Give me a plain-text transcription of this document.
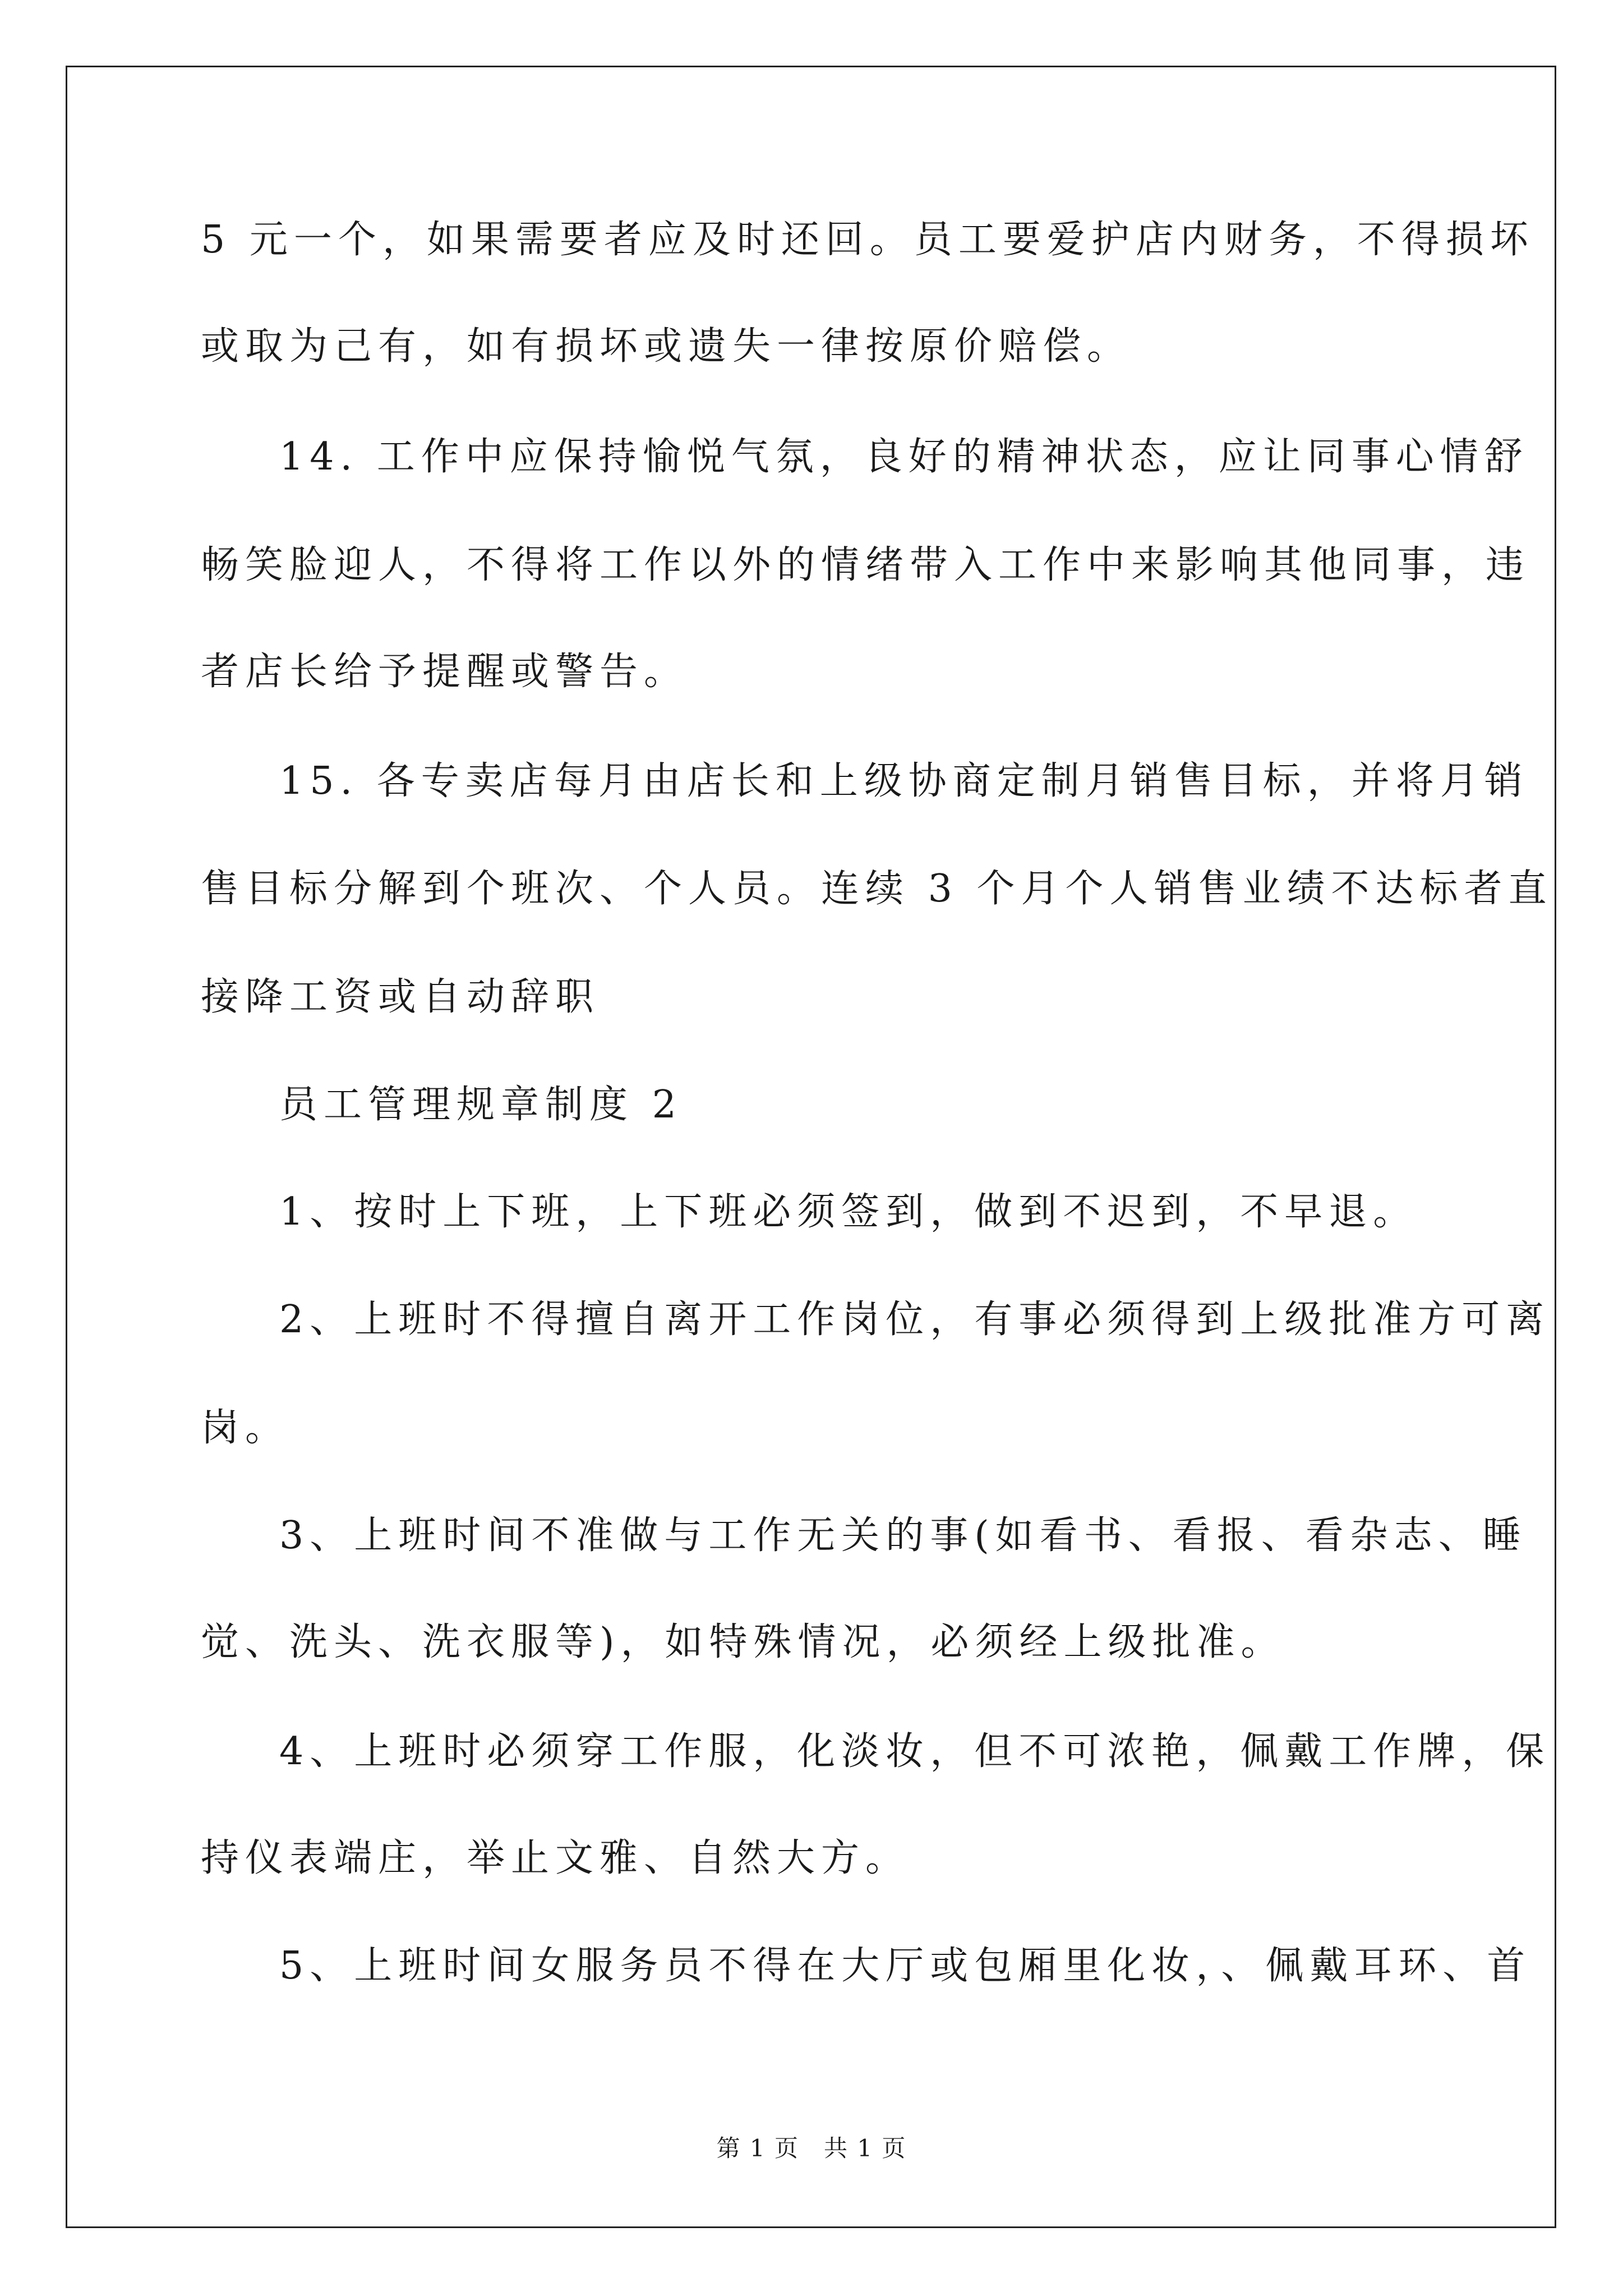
5 元一个，如果需要者应及时还回。员工要爱护店内财务，不得损坏
或取为己有，如有损坏或遗失一律按原价赔偿。
14. 工作中应保持愉悦气氛，良好的精神状态，应让同事心情舒
畅笑脸迎人，不得将工作以外的情绪带入工作中来影响其他同事，违
者店长给予提醒或警告。
15. 各专卖店每月由店长和上级协商定制月销售目标，并将月销
售目标分解到个班次、个人员。连续 3 个月个人销售业绩不达标者直
接降工资或自动辞职
员工管理规章制度 2
1、按时上下班，上下班必须签到，做到不迟到，不早退。
2、上班时不得擅自离开工作岗位，有事必须得到上级批准方可离
岗。
3、上班时间不准做与工作无关的事(如看书、看报、看杂志、睡
觉、洗头、洗衣服等)，如特殊情况，必须经上级批准。
4、上班时必须穿工作服，化淡妆，但不可浓艳，佩戴工作牌，保
持仪表端庄，举止文雅、自然大方。
5、上班时间女服务员不得在大厅或包厢里化妆，、佩戴耳环、首
第 1 页　共 1 页
